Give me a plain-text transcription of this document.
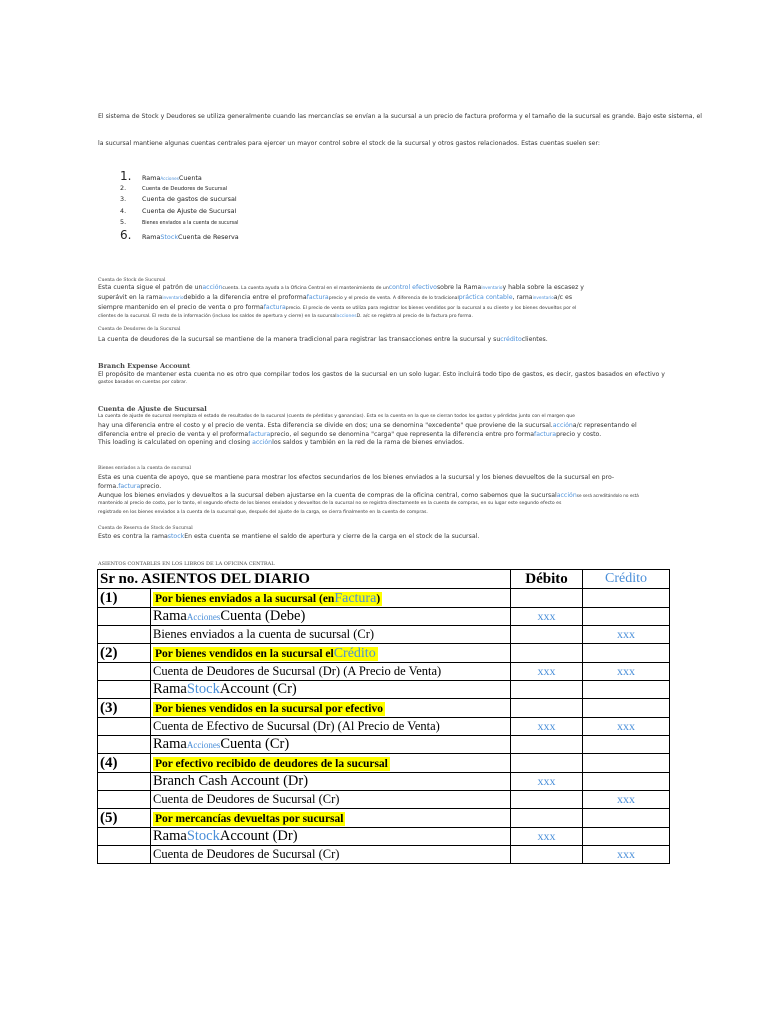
El sistema de Stock y Deudores se utiliza generalmente cuando las mercancías se envían a la sucursal a un precio de factura proforma y el tamaño de la sucursal es grande. Bajo este sistema, el
la sucursal mantiene algunas cuentas centrales para ejercer un mayor control sobre el stock de la sucursal y otros gastos relacionados. Estas cuentas suelen ser:
1. RamaAccionesCuenta
2.	Cuenta de Deudores de Sucursal
3. Cuenta de gastos de sucursal
4. Cuenta de Ajuste de Sucursal
5.	Bienes enviados a la cuenta de sucursal
6. RamaStockCuenta de Reserva
Cuenta de Stock de Sucursal
Esta cuenta sigue el patrón de unaccióncuenta. La cuenta ayuda a la Oficina Central en el mantenimiento de uncontrol efectivosobre la Ramainventarioy habla sobre la escasez y
superávit en la ramainventariodebido a la diferencia entre el proformafacturaprecio y el precio de venta. A diferencia de lo tradicionalpráctica contable, ramainventarioa/c es
siempre mantenido en el precio de venta o pro formafacturaprecio. El precio de venta se utiliza para registrar los bienes vendidos por la sucursal a su cliente y los bienes devueltos por el
clientes de la sucursal. El resto de la información (incluso los saldos de apertura y cierre) en la sucursalaccionesD. a/c se registra al precio de la factura pro forma.
Cuenta de Deudores de la Sucursal
La cuenta de deudores de la sucursal se mantiene de la manera tradicional para registrar las transacciones entre la sucursal y sucréditoclientes.
Branch Expense Account
El propósito de mantener esta cuenta no es otro que compilar todos los gastos de la sucursal en un solo lugar. Esto incluirá todo tipo de gastos, es decir, gastos basados en efectivo y
gastos basados en cuentas por cobrar.
Cuenta de Ajuste de Sucursal
La cuenta de ajuste de sucursal reemplaza el estado de resultados de la sucursal (cuenta de pérdidas y ganancias). Esta es la cuenta en la que se cierran todos los gastos y pérdidas junto con el margen que
hay una diferencia entre el costo y el precio de venta. Esta diferencia se divide en dos; una se denomina "excedente" que proviene de la sucursal.accióna/c representando el
diferencia entre el precio de venta y el proformafacturaprecio, el segundo se denomina "carga" que representa la diferencia entre pro formafacturaprecio y costo.
This loading is calculated on opening and closing acciónlos saldos y también en la red de la rama de bienes enviados.
Bienes enviados a la cuenta de sucursal
Esta es una cuenta de apoyo, que se mantiene para mostrar los efectos secundarios de los bienes enviados a la sucursal y los bienes devueltos de la sucursal en pro-forma.facturaprecio.
Aunque los bienes enviados y devueltos a la sucursal deben ajustarse en la cuenta de compras de la oficina central, como sabemos que la sucursalacciónse será acreditándolo no está
mantenido al precio de costo, por lo tanto, el segundo efecto de los bienes enviados y devueltos de la sucursal no se registra directamente en la cuenta de compras, en su lugar este segundo efecto es
registrado en los bienes enviados a la cuenta de la sucursal que, después del ajuste de la carga, se cierra finalmente en la cuenta de compras.
Cuenta de Reserva de Stock de Sucursal
Esto es contra la ramastockEn esta cuenta se mantiene el saldo de apertura y cierre de la carga en el stock de la sucursal.
ASIENTOS CONTABLES EN LOS LIBROS DE LA OFICINA CENTRAL
Sr no. ASIENTOS DEL DIARIO		Débito	Crédito
(1)	Por bienes enviados a la sucursal (enFactura)		
	RamaAccionesCuenta (Debe)	xxx	
	Bienes enviados a la cuenta de sucursal (Cr)		xxx
(2)	Por bienes vendidos en la sucursal elCrédito		
	Cuenta de Deudores de Sucursal (Dr) (A Precio de Venta)	xxx	xxx
	RamaStockAccount (Cr)		
(3)	Por bienes vendidos en la sucursal por efectivo		
	Cuenta de Efectivo de Sucursal (Dr) (Al Precio de Venta)	xxx	xxx
	RamaAccionesCuenta (Cr)		
(4)	Por efectivo recibido de deudores de la sucursal		
	Branch Cash Account (Dr)	xxx	
	Cuenta de Deudores de Sucursal (Cr)		xxx
(5)	Por mercancías devueltas por sucursal		
	RamaStockAccount (Dr)	xxx	
	Cuenta de Deudores de Sucursal (Cr)		xxx
